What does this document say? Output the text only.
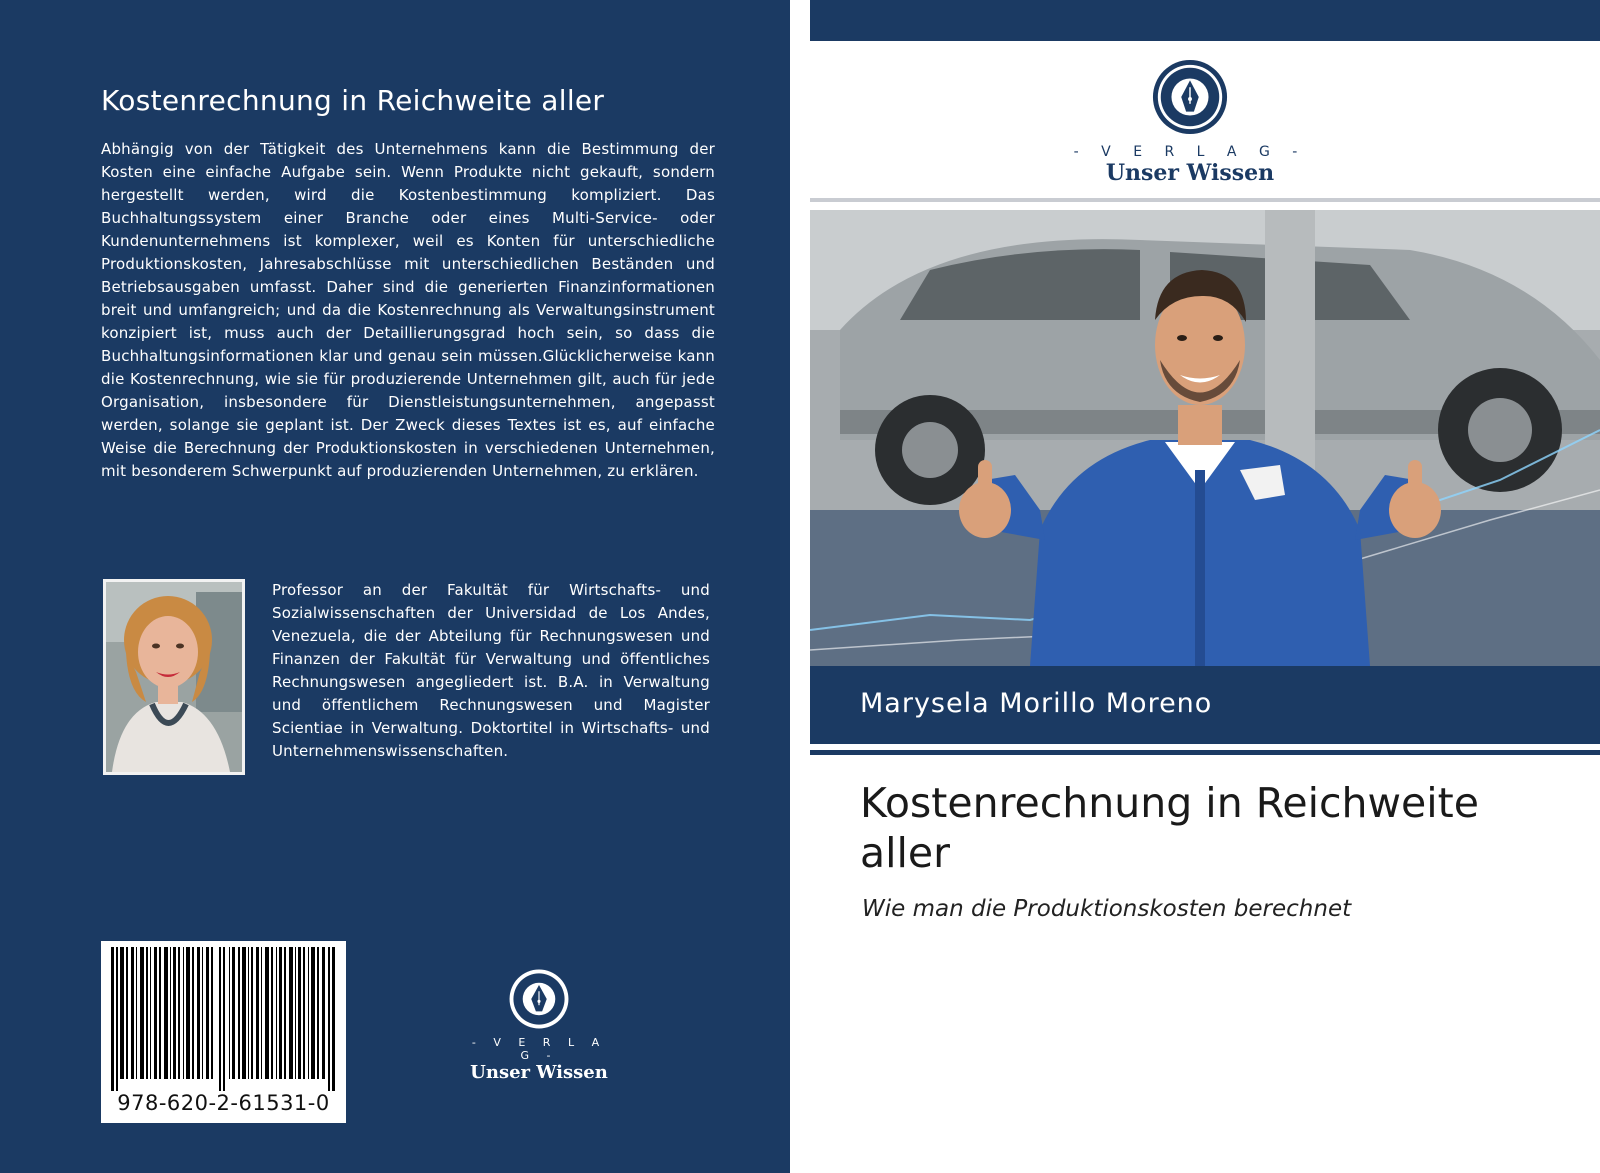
Kostenrechnung in Reichweite aller

Abhängig von der Tätigkeit des Unternehmens kann die Bestimmung der Kosten eine einfache Aufgabe sein. Wenn Produkte nicht gekauft, sondern hergestellt werden, wird die Kostenbestimmung kompliziert. Das Buchhaltungssystem einer Branche oder eines Multi-Service- oder Kundenunternehmens ist komplexer, weil es Konten für unterschiedliche Produktionskosten, Jahresabschlüsse mit unterschiedlichen Beständen und Betriebsausgaben umfasst. Daher sind die generierten Finanzinformationen breit und umfangreich; und da die Kostenrechnung als Verwaltungsinstrument konzipiert ist, muss auch der Detaillierungsgrad hoch sein, so dass die Buchhaltungsinformationen klar und genau sein müssen.Glücklicherweise kann die Kostenrechnung, wie sie für produzierende Unternehmen gilt, auch für jede Organisation, insbesondere für Dienstleistungsunternehmen, angepasst werden, solange sie geplant ist. Der Zweck dieses Textes ist es, auf einfache Weise die Berechnung der Produktionskosten in verschiedenen Unternehmen, mit besonderem Schwerpunkt auf produzierenden Unternehmen, zu erklären.

Professor an der Fakultät für Wirtschafts- und Sozialwissenschaften der Universidad de Los Andes, Venezuela, die der Abteilung für Rechnungswesen und Finanzen der Fakultät für Verwaltung und öffentliches Rechnungswesen angegliedert ist. B.A. in Verwaltung und öffentlichem Rechnungswesen und Magister Scientiae in Verwaltung. Doktortitel in Wirtschafts- und Unternehmenswissenschaften.

978-620-2-61531-0
- V E R L A G -
Unser Wissen
- V E R L A G -
Unser Wissen
Marysela Morillo Moreno
Kostenrechnung in Reichweite aller
Wie man die Produktionskosten berechnet
